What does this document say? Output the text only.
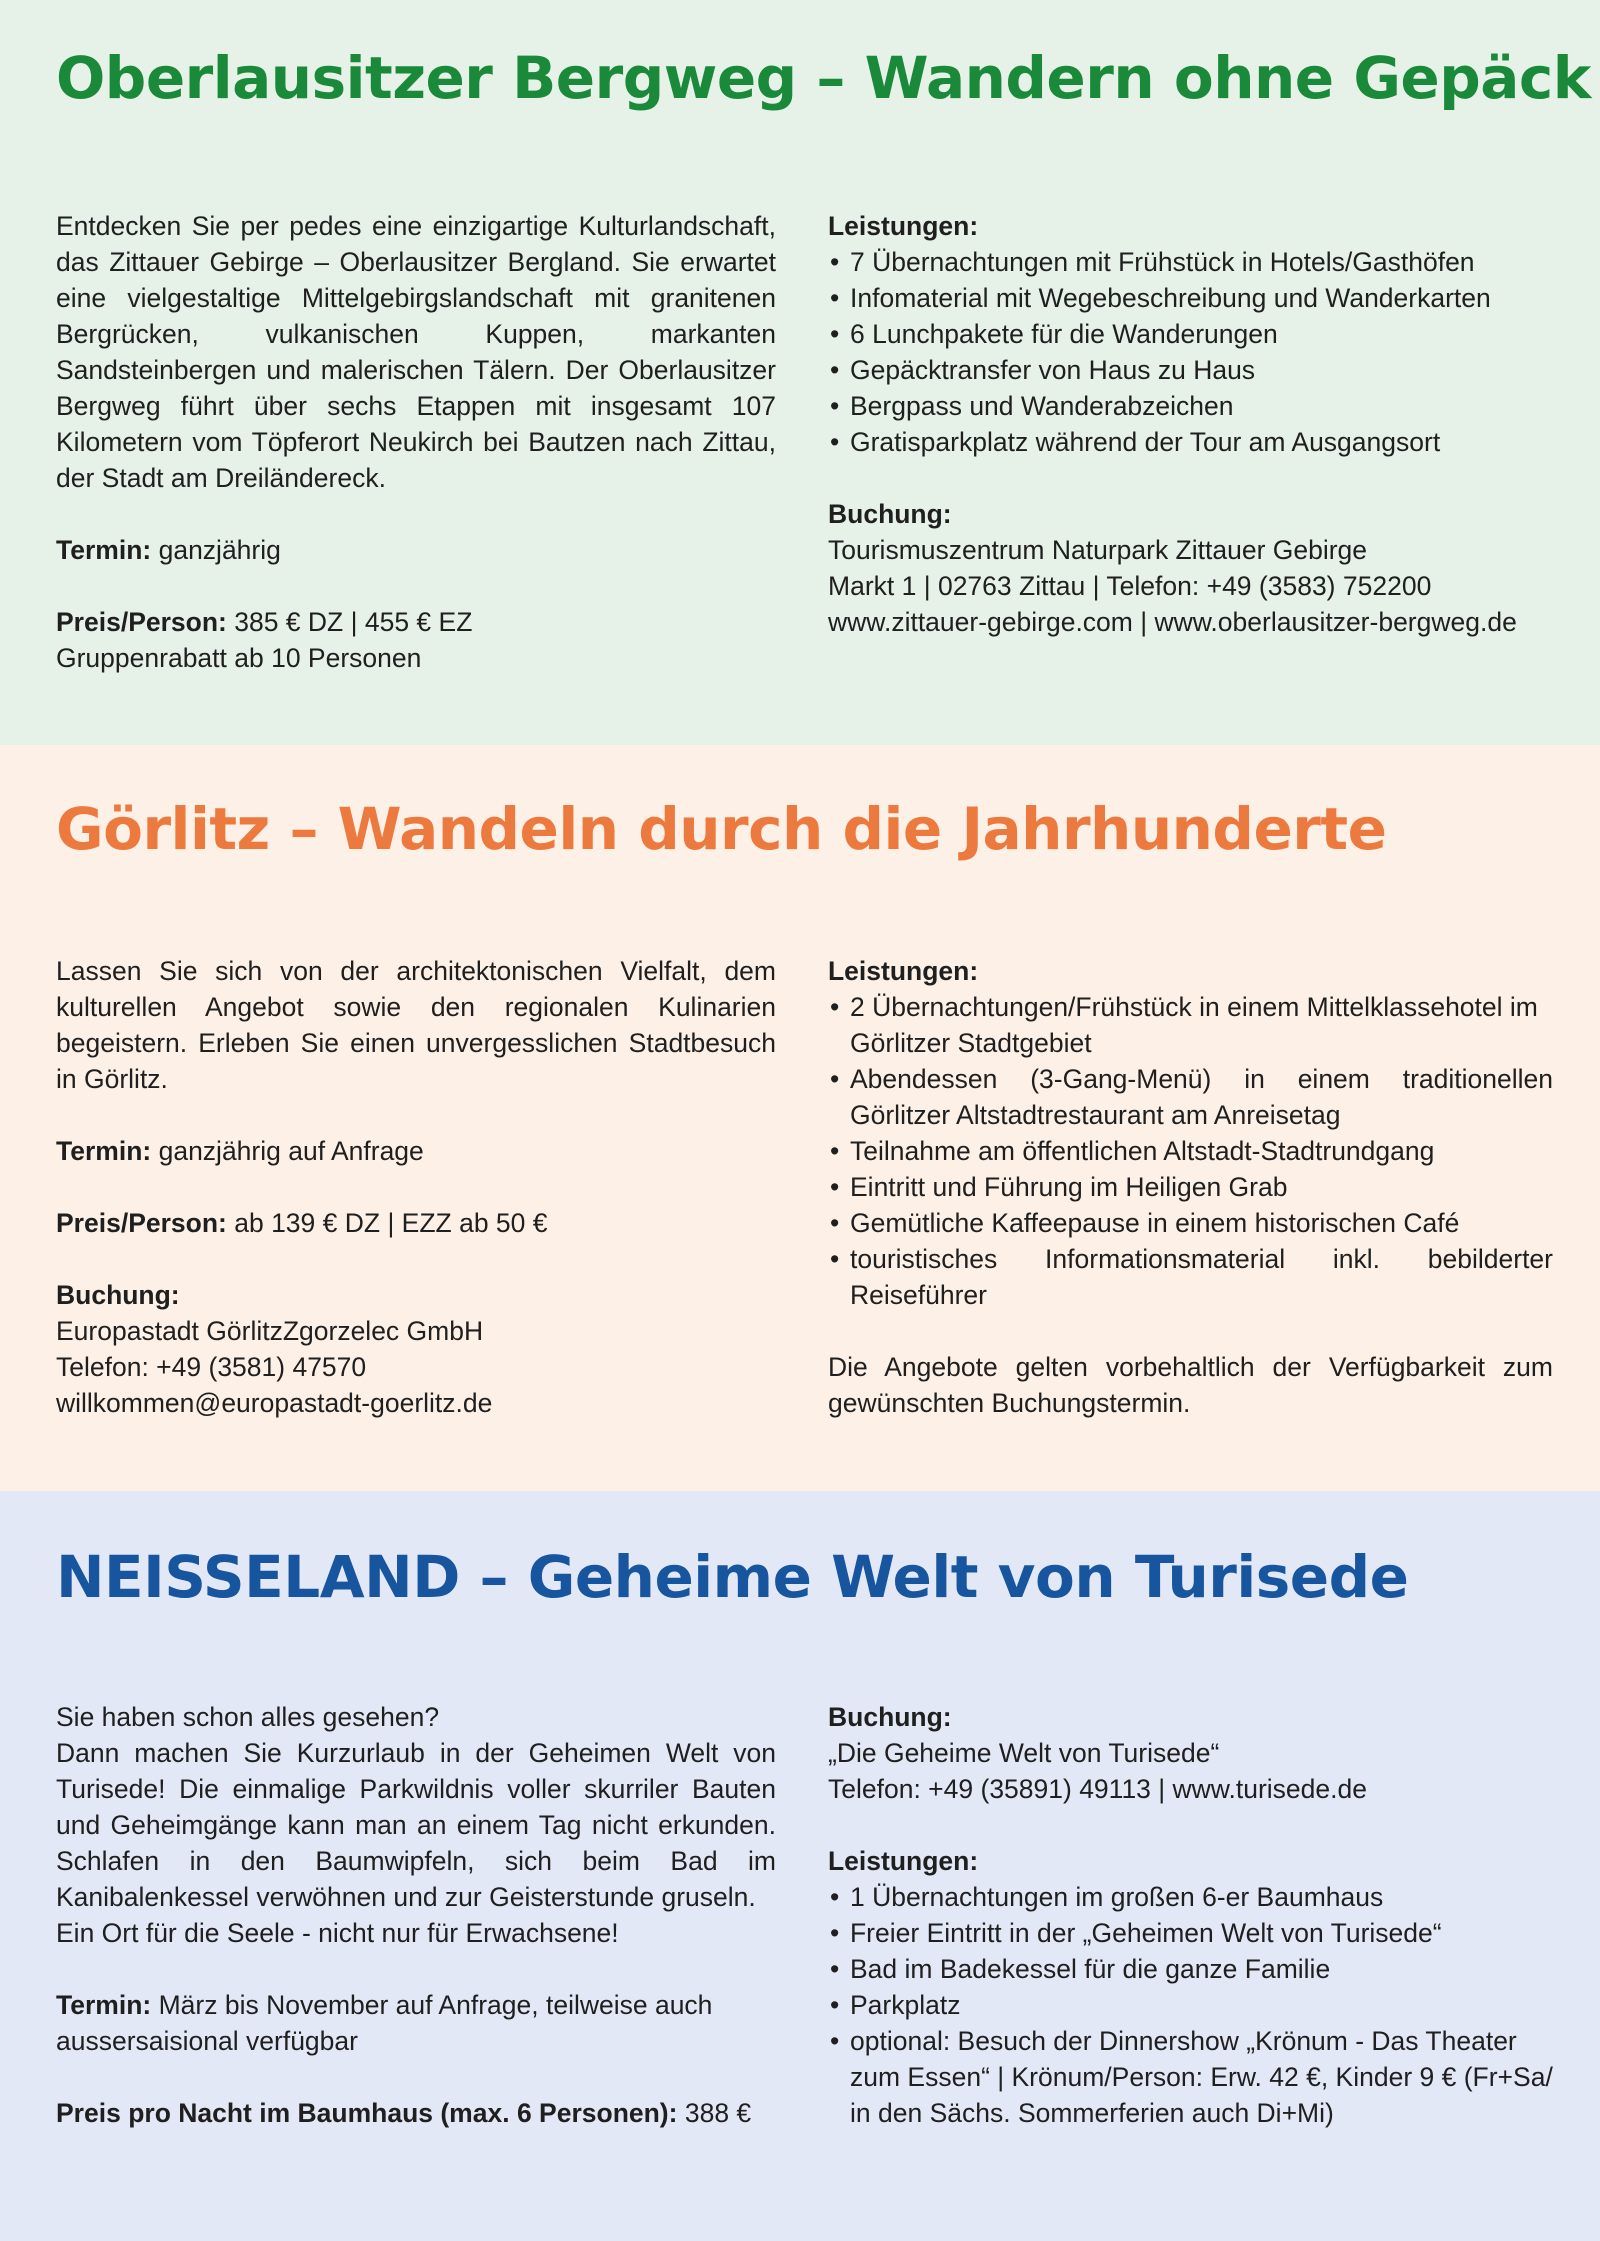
Oberlausitzer Bergweg – Wandern ohne Gepäck

Entdecken Sie per pedes eine einzigartige Kulturlandschaft, das Zittauer Gebirge – Oberlausitzer Bergland. Sie erwartet eine vielgestaltige Mittelgebirgslandschaft mit granitenen Bergrücken, vulkanischen Kuppen, markanten Sandsteinbergen und malerischen Tälern. Der Oberlausitzer Bergweg führt über sechs Etappen mit insgesamt 107 Kilometern vom Töpferort Neukirch bei Bautzen nach Zittau, der Stadt am Dreiländereck.

Termin: ganzjährig

Preis/Person: 385 € DZ | 455 € EZ

Gruppenrabatt ab 10 Personen

Leistungen:

• 7 Übernachtungen mit Frühstück in Hotels/Gasthöfen
• Infomaterial mit Wegebeschreibung und Wanderkarten
• 6 Lunchpakete für die Wanderungen
• Gepäcktransfer von Haus zu Haus
• Bergpass und Wanderabzeichen
• Gratisparkplatz während der Tour am Ausgangsort

Buchung:

Tourismuszentrum Naturpark Zittauer Gebirge

Markt 1 | 02763 Zittau | Telefon: +49 (3583) 752200

www.zittauer-gebirge.com | www.oberlausitzer-bergweg.de

Görlitz – Wandeln durch die Jahrhunderte

Lassen Sie sich von der architektonischen Vielfalt, dem kulturellen Angebot sowie den regionalen Kulinarien begeistern. Erleben Sie einen unvergesslichen Stadtbesuch in Görlitz.

Termin: ganzjährig auf Anfrage

Preis/Person: ab 139 € DZ | EZZ ab 50 €

Buchung:

Europastadt GörlitzZgorzelec GmbH

Telefon: +49 (3581) 47570

willkommen@europastadt-goerlitz.de

Leistungen:

• 2 Übernachtungen/Frühstück in einem Mittelklassehotel im Görlitzer Stadtgebiet
• Abendessen (3-Gang-Menü) in einem traditionellen Görlitzer Altstadtrestaurant am Anreisetag
• Teilnahme am öffentlichen Altstadt-Stadtrundgang
• Eintritt und Führung im Heiligen Grab
• Gemütliche Kaffeepause in einem historischen Café
• touristisches Informationsmaterial inkl. bebilderter Reiseführer

Die Angebote gelten vorbehaltlich der Verfügbarkeit zum gewünschten Buchungstermin.

NEISSELAND – Geheime Welt von Turisede

Sie haben schon alles gesehen?

Dann machen Sie Kurzurlaub in der Geheimen Welt von Turisede! Die einmalige Parkwildnis voller skurriler Bauten und Geheimgänge kann man an einem Tag nicht erkunden. Schlafen in den Baumwipfeln, sich beim Bad im Kanibalenkessel verwöhnen und zur Geisterstunde gruseln.

Ein Ort für die Seele - nicht nur für Erwachsene!

Termin: März bis November auf Anfrage, teilweise auch aussersaisional verfügbar

Preis pro Nacht im Baumhaus (max. 6 Personen): 388 €

Buchung:

„Die Geheime Welt von Turisede“

Telefon: +49 (35891) 49113 | www.turisede.de

Leistungen:

• 1 Übernachtungen im großen 6-er Baumhaus
• Freier Eintritt in der „Geheimen Welt von Turisede“
• Bad im Badekessel für die ganze Familie
• Parkplatz
• optional: Besuch der Dinnershow „Krönum - Das Theater zum Essen“ | Krönum/Person: Erw. 42 €, Kinder 9 € (Fr+Sa/ in den Sächs. Sommerferien auch Di+Mi)
